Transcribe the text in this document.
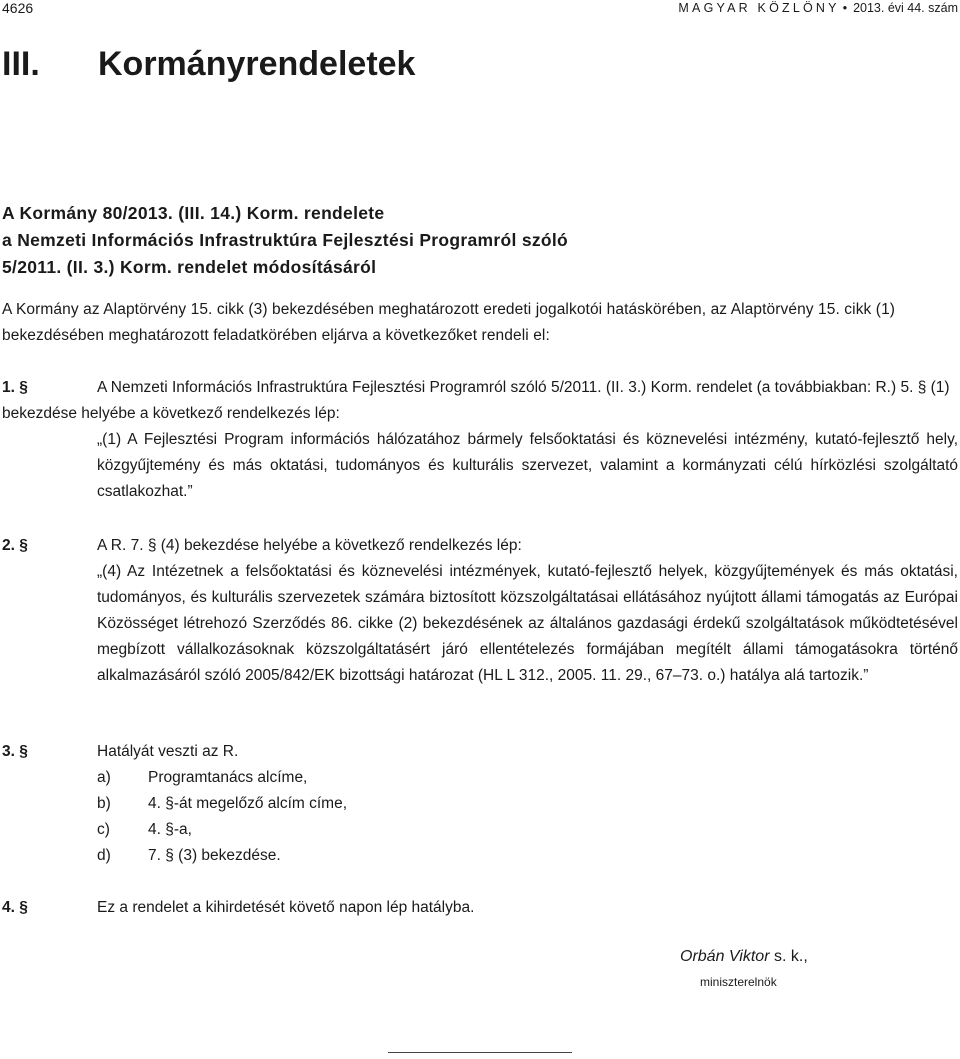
4626	MAGYAR KÖZLÖNY • 2013. évi 44. szám
III. Kormányrendeletek
A Kormány 80/2013. (III. 14.) Korm. rendelete
a Nemzeti Információs Infrastruktúra Fejlesztési Programról szóló
5/2011. (II. 3.) Korm. rendelet módosításáról
A Kormány az Alaptörvény 15. cikk (3) bekezdésében meghatározott eredeti jogalkotói hatáskörében, az Alaptörvény 15. cikk (1) bekezdésében meghatározott feladatkörében eljárva a következőket rendeli el:
1. §	A Nemzeti Információs Infrastruktúra Fejlesztési Programról szóló 5/2011. (II. 3.) Korm. rendelet (a továbbiakban: R.) 5. § (1) bekezdése helyébe a következő rendelkezés lép:
„(1) A Fejlesztési Program információs hálózatához bármely felsőoktatási és köznevelési intézmény, kutató-fejlesztő hely, közgyűjtemény és más oktatási, tudományos és kulturális szervezet, valamint a kormányzati célú hírközlési szolgáltató csatlakozhat.”
2. §	A R. 7. § (4) bekezdése helyébe a következő rendelkezés lép:
„(4) Az Intézetnek a felsőoktatási és köznevelési intézmények, kutató-fejlesztő helyek, közgyűjtemények és más oktatási, tudományos, és kulturális szervezetek számára biztosított közszolgáltatásai ellátásához nyújtott állami támogatás az Európai Közösséget létrehozó Szerződés 86. cikke (2) bekezdésének az általános gazdasági érdekű szolgáltatások működtetésével megbízott vállalkozásoknak közszolgáltatásért járó ellentételezés formájában megítélt állami támogatásokra történő alkalmazásáról szóló 2005/842/EK bizottsági határozat (HL L 312., 2005. 11. 29., 67–73. o.) hatálya alá tartozik.”
3. §	Hatályát veszti az R.
a) Programtanács alcíme,
b) 4. §-át megelőző alcím címe,
c) 4. §-a,
d) 7. § (3) bekezdése.
4. §	Ez a rendelet a kihirdetését követő napon lép hatályba.
Orbán Viktor s. k.,
miniszterelnök
